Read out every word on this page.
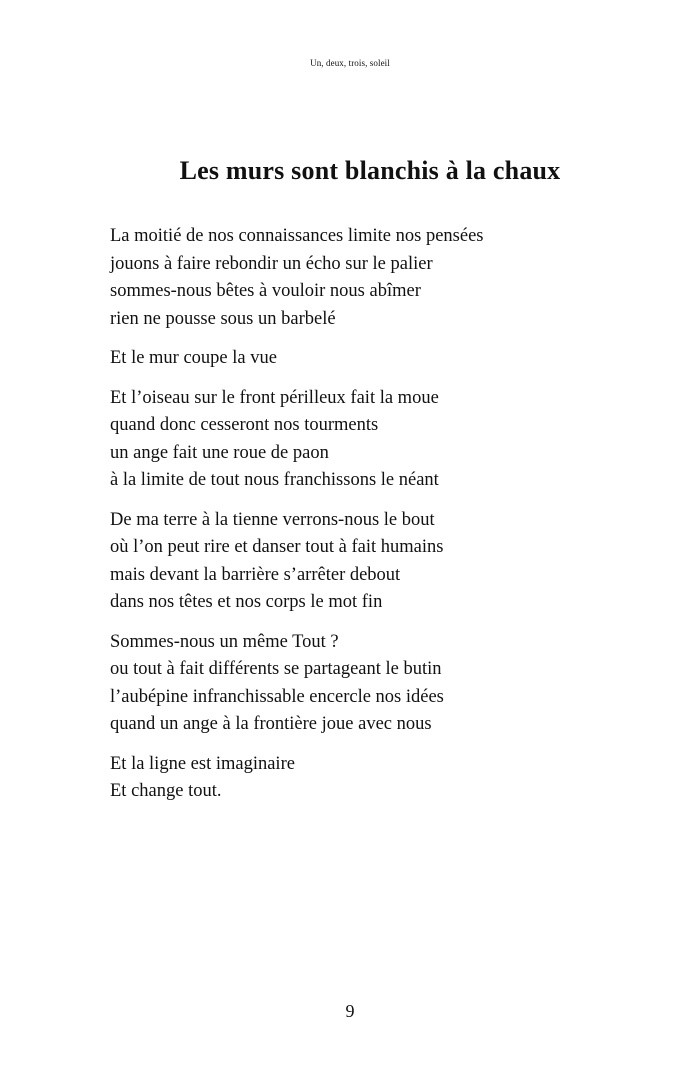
Un, deux, trois, soleil
Les murs sont blanchis à la chaux

La moitié de nos connaissances limite nos pensées
jouons à faire rebondir un écho sur le palier
sommes-nous bêtes à vouloir nous abîmer
rien ne pousse sous un barbelé

Et le mur coupe la vue

Et l’oiseau sur le front périlleux fait la moue
quand donc cesseront nos tourments
un ange fait une roue de paon
à la limite de tout nous franchissons le néant

De ma terre à la tienne verrons-nous le bout
où l’on peut rire et danser tout à fait humains
mais devant la barrière s’arrêter debout
dans nos têtes et nos corps le mot fin

Sommes-nous un même Tout ?
ou tout à fait différents se partageant le butin
l’aubépine infranchissable encercle nos idées
quand un ange à la frontière joue avec nous

Et la ligne est imaginaire
Et change tout.

9
